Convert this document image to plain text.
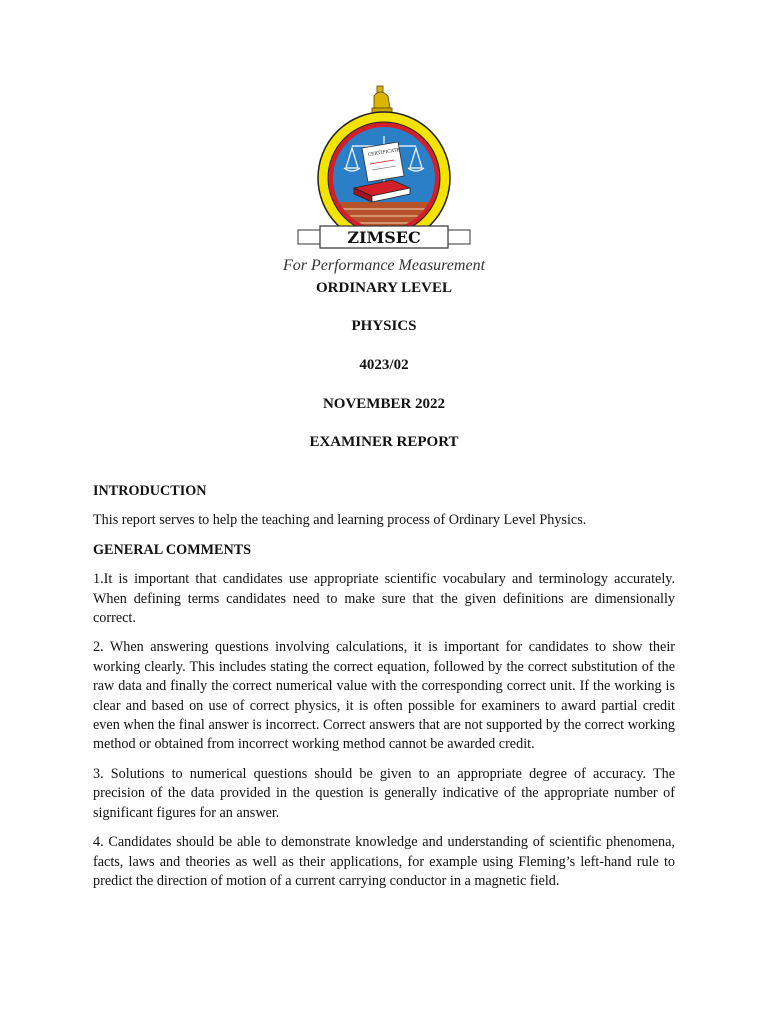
CERTIFICATE
ZIMSEC
For Performance Measurement
ORDINARY LEVEL
PHYSICS
4023/02
NOVEMBER 2022
EXAMINER REPORT
INTRODUCTION

This report serves to help the teaching and learning process of Ordinary Level Physics.

GENERAL COMMENTS

1.It is important that candidates use appropriate scientific vocabulary and terminology accurately. When defining terms candidates need to make sure that the given definitions are dimensionally correct.

2. When answering questions involving calculations, it is important for candidates to show their working clearly. This includes stating the correct equation, followed by the correct substitution of the raw data and finally the correct numerical value with the corresponding correct unit. If the working is clear and based on use of correct physics, it is often possible for examiners to award partial credit even when the final answer is incorrect. Correct answers that are not supported by the correct working method or obtained from incorrect working method cannot be awarded credit.

3. Solutions to numerical questions should be given to an appropriate degree of accuracy. The precision of the data provided in the question is generally indicative of the appropriate number of significant figures for an answer.

4. Candidates should be able to demonstrate knowledge and understanding of scientific phenomena, facts, laws and theories as well as their applications, for example using Fleming’s left-hand rule to predict the direction of motion of a current carrying conductor in a magnetic field.
